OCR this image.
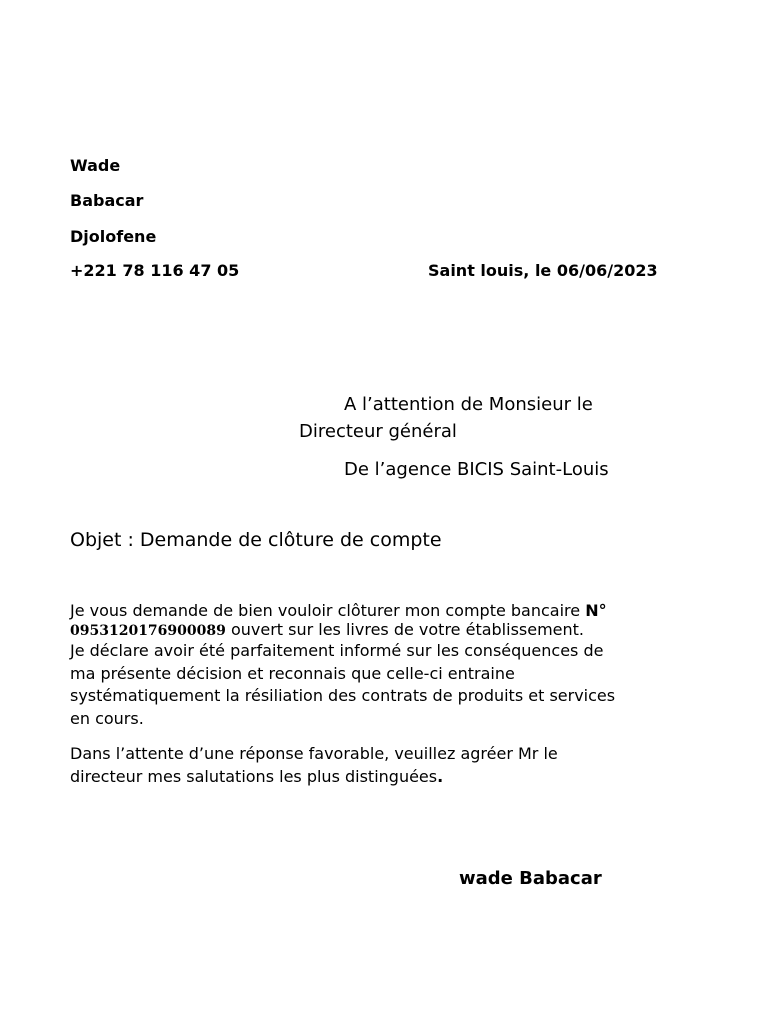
Wade
Babacar
Djolofene
+221 78 116 47 05	Saint louis, le 06/06/2023
A l’attention de Monsieur le
Directeur général
De l’agence BICIS Saint-Louis
Objet : Demande de clôture de compte
Je vous demande de bien vouloir clôturer mon compte bancaire N°
0953120176900089 ouvert sur les livres de votre établissement.
Je déclare avoir été parfaitement informé sur les conséquences de
ma présente décision et reconnais que celle-ci entraine
systématiquement la résiliation des contrats de produits et services
en cours.
Dans l’attente d’une réponse favorable, veuillez agréer Mr le
directeur mes salutations les plus distinguées.
wade Babacar
